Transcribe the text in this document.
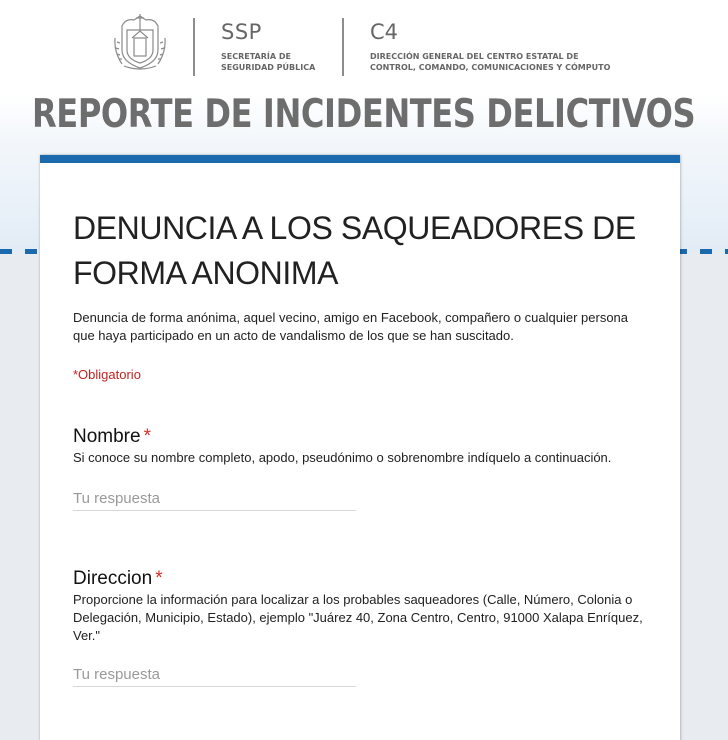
SSP
SECRETARÍA DE
SEGURIDAD PÚBLICA
C4
DIRECCIÓN GENERAL DEL CENTRO ESTATAL DE
CONTROL, COMANDO, COMUNICACIONES Y CÓMPUTO
REPORTE DE INCIDENTES DELICTIVOS
DENUNCIA A LOS SAQUEADORES DE FORMA ANONIMA
Denuncia de forma anónima, aquel vecino, amigo en Facebook, compañero o cualquier persona que haya participado en un acto de vandalismo de los que se han suscitado.
*Obligatorio
Nombre *
Si conoce su nombre completo, apodo, pseudónimo o sobrenombre indíquelo a continuación.
Tu respuesta
Direccion *
Proporcione la información para localizar a los probables saqueadores (Calle, Número, Colonia o Delegación, Municipio, Estado), ejemplo "Juárez 40, Zona Centro, Centro, 91000 Xalapa Enríquez, Ver."
Tu respuesta
